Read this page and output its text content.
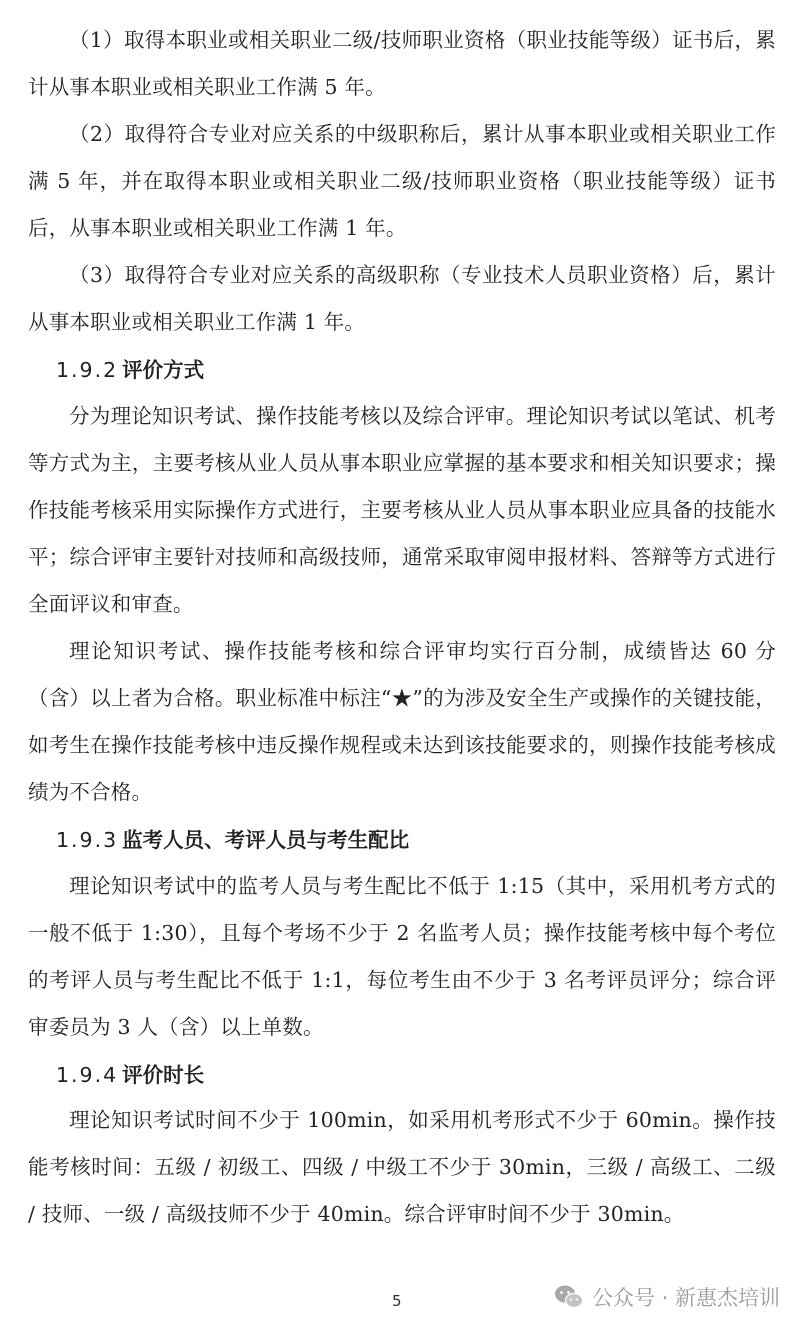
（1）取得本职业或相关职业二级/技师职业资格（职业技能等级）证书后，累计从事本职业或相关职业工作满 5 年。

（2）取得符合专业对应关系的中级职称后，累计从事本职业或相关职业工作满 5 年，并在取得本职业或相关职业二级/技师职业资格（职业技能等级）证书后，从事本职业或相关职业工作满 1 年。

（3）取得符合专业对应关系的高级职称（专业技术人员职业资格）后，累计从事本职业或相关职业工作满 1 年。

1.9.2 评价方式

分为理论知识考试、操作技能考核以及综合评审。理论知识考试以笔试、机考等方式为主，主要考核从业人员从事本职业应掌握的基本要求和相关知识要求；操作技能考核采用实际操作方式进行，主要考核从业人员从事本职业应具备的技能水平；综合评审主要针对技师和高级技师，通常采取审阅申报材料、答辩等方式进行全面评议和审查。

理论知识考试、操作技能考核和综合评审均实行百分制，成绩皆达 60 分（含）以上者为合格。职业标准中标注“★”的为涉及安全生产或操作的关键技能，如考生在操作技能考核中违反操作规程或未达到该技能要求的，则操作技能考核成绩为不合格。

1.9.3 监考人员、考评人员与考生配比

理论知识考试中的监考人员与考生配比不低于 1:15（其中，采用机考方式的一般不低于 1:30），且每个考场不少于 2 名监考人员；操作技能考核中每个考位的考评人员与考生配比不低于 1:1，每位考生由不少于 3 名考评员评分；综合评审委员为 3 人（含）以上单数。

1.9.4 评价时长

理论知识考试时间不少于 100min，如采用机考形式不少于 60min。操作技能考核时间：五级 / 初级工、四级 / 中级工不少于 30min，三级 / 高级工、二级 / 技师、一级 / 高级技师不少于 40min。综合评审时间不少于 30min。

5	公众号 · 新惠杰培训
